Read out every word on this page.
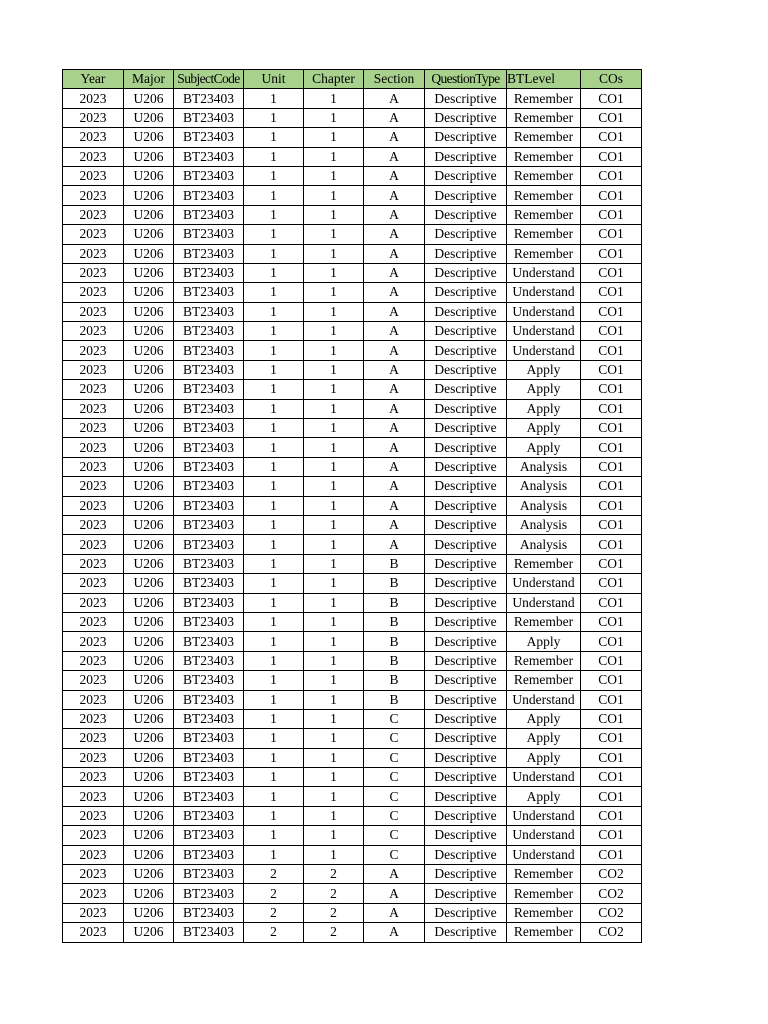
Year	Major	SubjectCode	Unit	Chapter	Section	QuestionType	BTLevel	COs
2023	U206	BT23403	1	1	A	Descriptive	Remember	CO1
2023	U206	BT23403	1	1	A	Descriptive	Remember	CO1
2023	U206	BT23403	1	1	A	Descriptive	Remember	CO1
2023	U206	BT23403	1	1	A	Descriptive	Remember	CO1
2023	U206	BT23403	1	1	A	Descriptive	Remember	CO1
2023	U206	BT23403	1	1	A	Descriptive	Remember	CO1
2023	U206	BT23403	1	1	A	Descriptive	Remember	CO1
2023	U206	BT23403	1	1	A	Descriptive	Remember	CO1
2023	U206	BT23403	1	1	A	Descriptive	Remember	CO1
2023	U206	BT23403	1	1	A	Descriptive	Understand	CO1
2023	U206	BT23403	1	1	A	Descriptive	Understand	CO1
2023	U206	BT23403	1	1	A	Descriptive	Understand	CO1
2023	U206	BT23403	1	1	A	Descriptive	Understand	CO1
2023	U206	BT23403	1	1	A	Descriptive	Understand	CO1
2023	U206	BT23403	1	1	A	Descriptive	Apply	CO1
2023	U206	BT23403	1	1	A	Descriptive	Apply	CO1
2023	U206	BT23403	1	1	A	Descriptive	Apply	CO1
2023	U206	BT23403	1	1	A	Descriptive	Apply	CO1
2023	U206	BT23403	1	1	A	Descriptive	Apply	CO1
2023	U206	BT23403	1	1	A	Descriptive	Analysis	CO1
2023	U206	BT23403	1	1	A	Descriptive	Analysis	CO1
2023	U206	BT23403	1	1	A	Descriptive	Analysis	CO1
2023	U206	BT23403	1	1	A	Descriptive	Analysis	CO1
2023	U206	BT23403	1	1	A	Descriptive	Analysis	CO1
2023	U206	BT23403	1	1	B	Descriptive	Remember	CO1
2023	U206	BT23403	1	1	B	Descriptive	Understand	CO1
2023	U206	BT23403	1	1	B	Descriptive	Understand	CO1
2023	U206	BT23403	1	1	B	Descriptive	Remember	CO1
2023	U206	BT23403	1	1	B	Descriptive	Apply	CO1
2023	U206	BT23403	1	1	B	Descriptive	Remember	CO1
2023	U206	BT23403	1	1	B	Descriptive	Remember	CO1
2023	U206	BT23403	1	1	B	Descriptive	Understand	CO1
2023	U206	BT23403	1	1	C	Descriptive	Apply	CO1
2023	U206	BT23403	1	1	C	Descriptive	Apply	CO1
2023	U206	BT23403	1	1	C	Descriptive	Apply	CO1
2023	U206	BT23403	1	1	C	Descriptive	Understand	CO1
2023	U206	BT23403	1	1	C	Descriptive	Apply	CO1
2023	U206	BT23403	1	1	C	Descriptive	Understand	CO1
2023	U206	BT23403	1	1	C	Descriptive	Understand	CO1
2023	U206	BT23403	1	1	C	Descriptive	Understand	CO1
2023	U206	BT23403	2	2	A	Descriptive	Remember	CO2
2023	U206	BT23403	2	2	A	Descriptive	Remember	CO2
2023	U206	BT23403	2	2	A	Descriptive	Remember	CO2
2023	U206	BT23403	2	2	A	Descriptive	Remember	CO2
